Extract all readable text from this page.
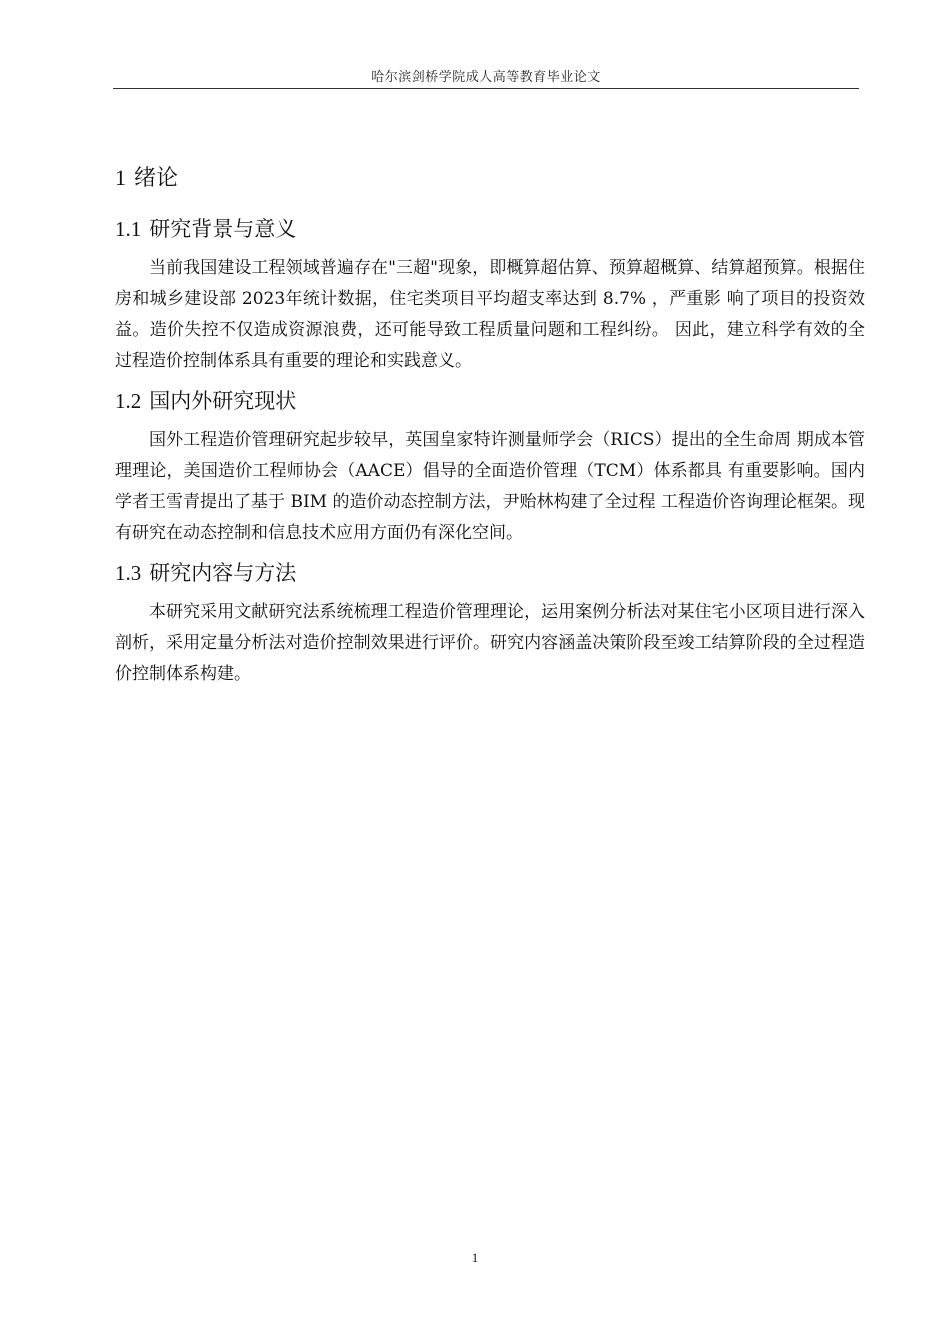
哈尔滨剑桥学院成人高等教育毕业论文
1 绪论
1.1 研究背景与意义

当前我国建设工程领域普遍存在"三超"现象，即概算超估算、预算超概算、结算超预算。根据住房和城乡建设部 2023年统计数据，住宅类项目平均超支率达到 8.7% ，严重影 响了项目的投资效益。造价失控不仅造成资源浪费，还可能导致工程质量问题和工程纠纷。 因此，建立科学有效的全过程造价控制体系具有重要的理论和实践意义。

1.2 国内外研究现状

国外工程造价管理研究起步较早，英国皇家特许测量师学会（RICS）提出的全生命周 期成本管理理论，美国造价工程师协会（AACE）倡导的全面造价管理（TCM）体系都具 有重要影响。国内学者王雪青提出了基于 BIM 的造价动态控制方法，尹贻林构建了全过程 工程造价咨询理论框架。现有研究在动态控制和信息技术应用方面仍有深化空间。

1.3 研究内容与方法

本研究采用文献研究法系统梳理工程造价管理理论，运用案例分析法对某住宅小区项目进行深入剖析，采用定量分析法对造价控制效果进行评价。研究内容涵盖决策阶段至竣工结算阶段的全过程造价控制体系构建。

1
